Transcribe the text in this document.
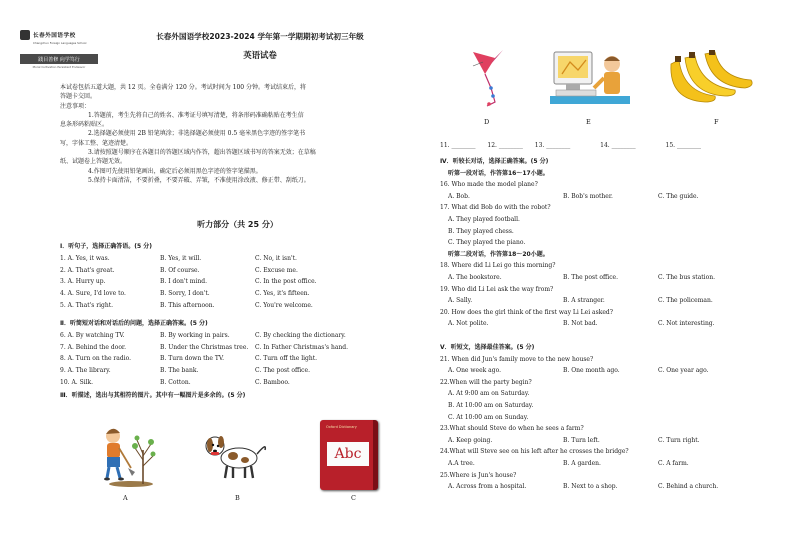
长春外国语学校
Changchun Foreign Languages School
践目善修 向学笃行
Moral Cultivation Persistent Endeavor
长春外国语学校2023-2024 学年第一学期期初考试初三年级
英语试卷

本试卷包括五道大题，共 12 页。全卷满分 120 分。考试时间为 100 分钟。考试结束后，将

答题卡交回。

注意事项：

1.答题前，考生先将自己的姓名、准考证号填写清楚，将条形码准确粘贴在考生信

息条形码粘贴区。

2.选择题必须使用 2B 铅笔填涂；非选择题必须使用 0.5 毫米黑色字迹的签字笔书

写，字体工整、笔迹清楚。

3.请按照题号顺序在各题目的答题区域内作答，超出答题区域书写的答案无效；在草稿

纸、试题卷上答题无效。

4.作图可先使用铅笔画出，确定后必须用黑色字迹的签字笔描黑。

5.保持卡面清洁，不要折叠，不要弄破、弄皱，不准使用涂改液、修正带、刮纸刀。

听力部分（共 25 分）
Ⅰ．听句子，选择正确答语。(5 分)
1. A. Yes, it was.	B. Yes, it will.	C. No, it isn't.
2. A. That's great.	B. Of course.	C. Excuse me.
3. A. Hurry up.	B. I don't mind.	C. In the post office.
4. A. Sure, I'd love to.	B. Sorry, I don't.	C. Yes, it's fifteen.
5. A. That's right.	B. This afternoon.	C. You're welcome.
Ⅱ．听简短对话和对话后的问题，选择正确答案。(5 分)
6. A. By watching TV.	B. By working in pairs.	C. By checking the dictionary.
7. A. Behind the door.	B. Under the Christmas tree.	C. In Father Christmas's hand.
8. A. Turn on the radio.	B. Turn down the TV.	C. Turn off the light.
9. A. The library.	B. The bank.	C. The post office.
10. A. Silk.	B. Cotton.	C. Bamboo.
Ⅲ．听描述，选出与其相符的图片。其中有一幅图片是多余的。(5 分)
A	B
Oxford Dictionary
Abc
C
D	E	F
11. ________ 12. ________ 13. ________	14. ________	15. ________
Ⅳ．听较长对话，选择正确答案。(5 分)
听第一段对话，作答第16～17小题。
16. Who made the model plane?
A. Bob.	B. Bob's mother.	C. The guide.
17. What did Bob do with the robot?
A. They played football.
B. They played chess.
C. They played the piano.
听第二段对话，作答第18～20小题。
18. Where did Li Lei go this morning?
A. The bookstore.	B. The post office.	C. The bus station.
19. Who did Li Lei ask the way from?
A. Sally.	B. A stranger.	C. The policeman.
20. How does the girl think of the first way Li Lei asked?
A. Not polite.	B. Not bad.	C. Not interesting.
Ⅴ．听短文，选择最佳答案。(5 分)
21. When did Jun's family move to the new house?
A. One week ago.	B. One month ago.	C. One year ago.
22.When will the party begin?
A. At 9:00 am on Saturday.
B. At 10:00 am on Saturday.
C. At 10:00 am on Sunday.
23.What should Steve do when he sees a farm?
A. Keep going.	B. Turn left.	C. Turn right.
24.What will Steve see on his left after he crosses the bridge?
A.A tree.	B. A garden.	C. A farm.
25.Where is Jun's house?
A. Across from a hospital.	B. Next to a shop.	C. Behind a church.
